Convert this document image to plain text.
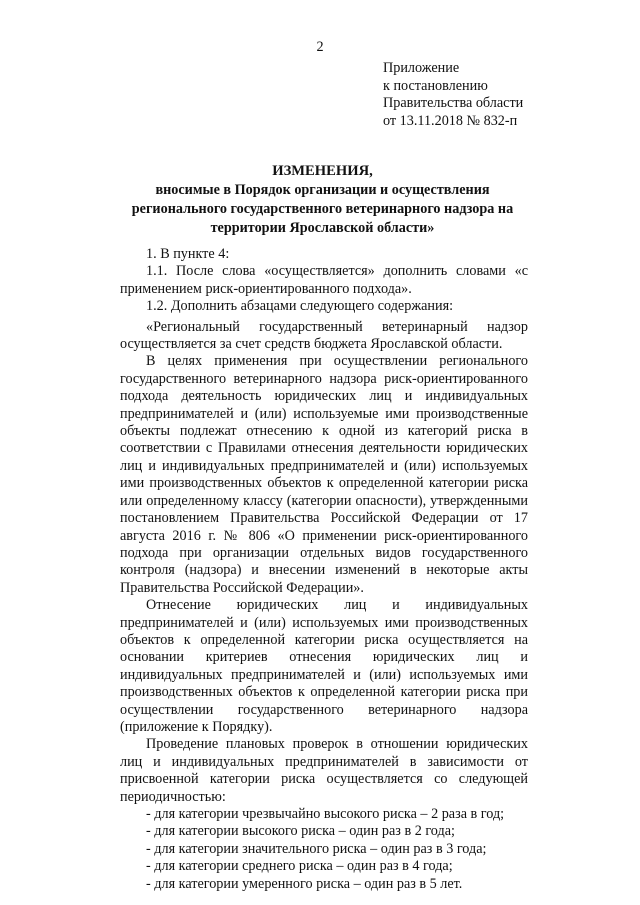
2
Приложение
к постановлению
Правительства области
от 13.11.2018 № 832-п
ИЗМЕНЕНИЯ,
вносимые в Порядок организации и осуществления регионального государственного ветеринарного надзора на территории Ярославской области»

1. В пункте 4:

1.1. После слова «осуществляется» дополнить словами «с применением риск-ориентированного подхода».

1.2. Дополнить абзацами следующего содержания:

«Региональный государственный ветеринарный надзор осуществляется за счет средств бюджета Ярославской области.

В целях применения при осуществлении регионального государственного ветеринарного надзора риск-ориентированного подхода деятельность юридических лиц и индивидуальных предпринимателей и (или) используемые ими производственные объекты подлежат отнесению к одной из категорий риска в соответствии с Правилами отнесения деятельности юридических лиц и индивидуальных предпринимателей и (или) используемых ими производственных объектов к определенной категории риска или определенному классу (категории опасности), утвержденными постановлением Правительства Российской Федерации от 17 августа 2016 г. № 806 «О применении риск-ориентированного подхода при организации отдельных видов государственного контроля (надзора) и внесении изменений в некоторые акты Правительства Российской Федерации».

Отнесение юридических лиц и индивидуальных предпринимателей и (или) используемых ими производственных объектов к определенной категории риска осуществляется на основании критериев отнесения юридических лиц и индивидуальных предпринимателей и (или) используемых ими производственных объектов к определенной категории риска при осуществлении государственного ветеринарного надзора (приложение к Порядку).

Проведение плановых проверок в отношении юридических лиц и индивидуальных предпринимателей в зависимости от присвоенной категории риска осуществляется со следующей периодичностью:

- для категории чрезвычайно высокого риска – 2 раза в год;
- для категории высокого риска – один раз в 2 года;
- для категории значительного риска – один раз в 3 года;
- для категории среднего риска – один раз в 4 года;
- для категории умеренного риска – один раз в 5 лет.
